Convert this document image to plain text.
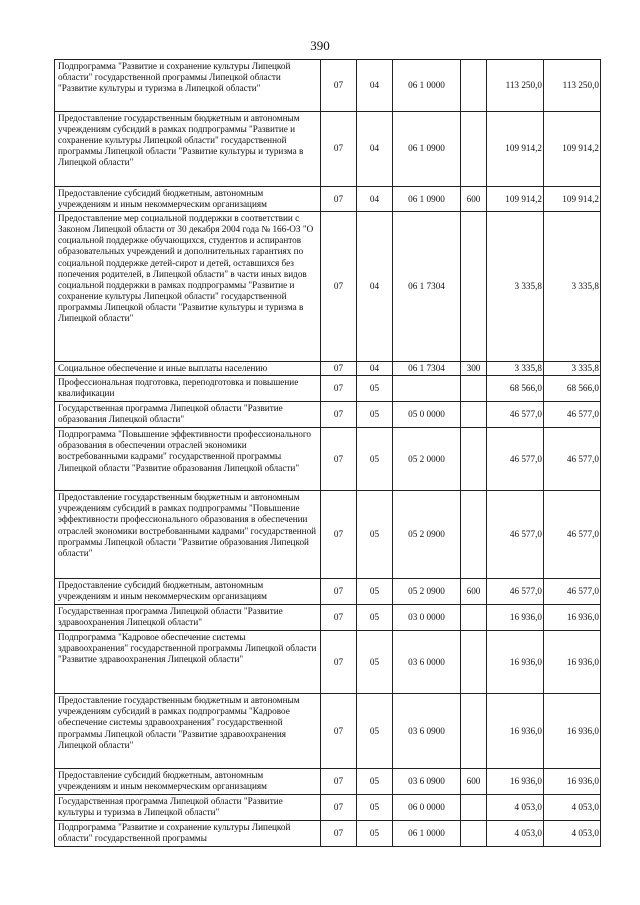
390
Подпрограмма "Развитие и сохранение культуры Липецкой области" государственной программы Липецкой области "Развитие культуры и туризма в Липецкой области"	07	04	06 1 0000		113 250,0	113 250,0
Предоставление государственным бюджетным и автономным учреждениям субсидий в рамках подпрограммы "Развитие и сохранение культуры Липецкой области" государственной программы Липецкой области "Развитие культуры и туризма в Липецкой области"	07	04	06 1 0900		109 914,2	109 914,2
Предоставление субсидий бюджетным, автономным учреждениям и иным некоммерческим организациям	07	04	06 1 0900	600	109 914,2	109 914,2
Предоставление мер социальной поддержки в соответствии с Законом Липецкой области от 30 декабря 2004 года № 166-ОЗ "О социальной поддержке обучающихся, студентов и аспирантов образовательных учреждений и дополнительных гарантиях по социальной поддержке детей-сирот и детей, оставшихся без попечения родителей, в Липецкой области" в части иных видов социальной поддержки в рамках подпрограммы "Развитие и сохранение культуры Липецкой области" государственной программы Липецкой области "Развитие культуры и туризма в Липецкой области"	07	04	06 1 7304		3 335,8	3 335,8
Социальное обеспечение и иные выплаты населению	07	04	06 1 7304	300	3 335,8	3 335,8
Профессиональная подготовка, переподготовка и повышение квалификации	07	05			68 566,0	68 566,0
Государственная программа Липецкой области "Развитие образования Липецкой области"	07	05	05 0 0000		46 577,0	46 577,0
Подпрограмма "Повышение эффективности профессионального образования в обеспечении отраслей экономики востребованными кадрами" государственной программы Липецкой области "Развитие образования Липецкой области"	07	05	05 2 0000		46 577,0	46 577,0
Предоставление государственным бюджетным и автономным учреждениям субсидий в рамках подпрограммы "Повышение эффективности профессионального образования в обеспечении отраслей экономики востребованными кадрами" государственной программы Липецкой области "Развитие образования Липецкой области"	07	05	05 2 0900		46 577,0	46 577,0
Предоставление субсидий бюджетным, автономным учреждениям и иным некоммерческим организациям	07	05	05 2 0900	600	46 577,0	46 577,0
Государственная программа Липецкой области "Развитие здравоохранения Липецкой области"	07	05	03 0 0000		16 936,0	16 936,0
Подпрограмма "Кадровое обеспечение системы здравоохранения" государственной программы Липецкой области "Развитие здравоохранения Липецкой области"	07	05	03 6 0000		16 936,0	16 936,0
Предоставление государственным бюджетным и автономным учреждениям субсидий в рамках подпрограммы "Кадровое обеспечение системы здравоохранения" государственной программы Липецкой области "Развитие здравоохранения Липецкой области"	07	05	03 6 0900		16 936,0	16 936,0
Предоставление субсидий бюджетным, автономным учреждениям и иным некоммерческим организациям	07	05	03 6 0900	600	16 936,0	16 936,0
Государственная программа Липецкой области "Развитие культуры и туризма в Липецкой области"	07	05	06 0 0000		4 053,0	4 053,0
Подпрограмма "Развитие и сохранение культуры Липецкой области" государственной программы	07	05	06 1 0000		4 053,0	4 053,0
